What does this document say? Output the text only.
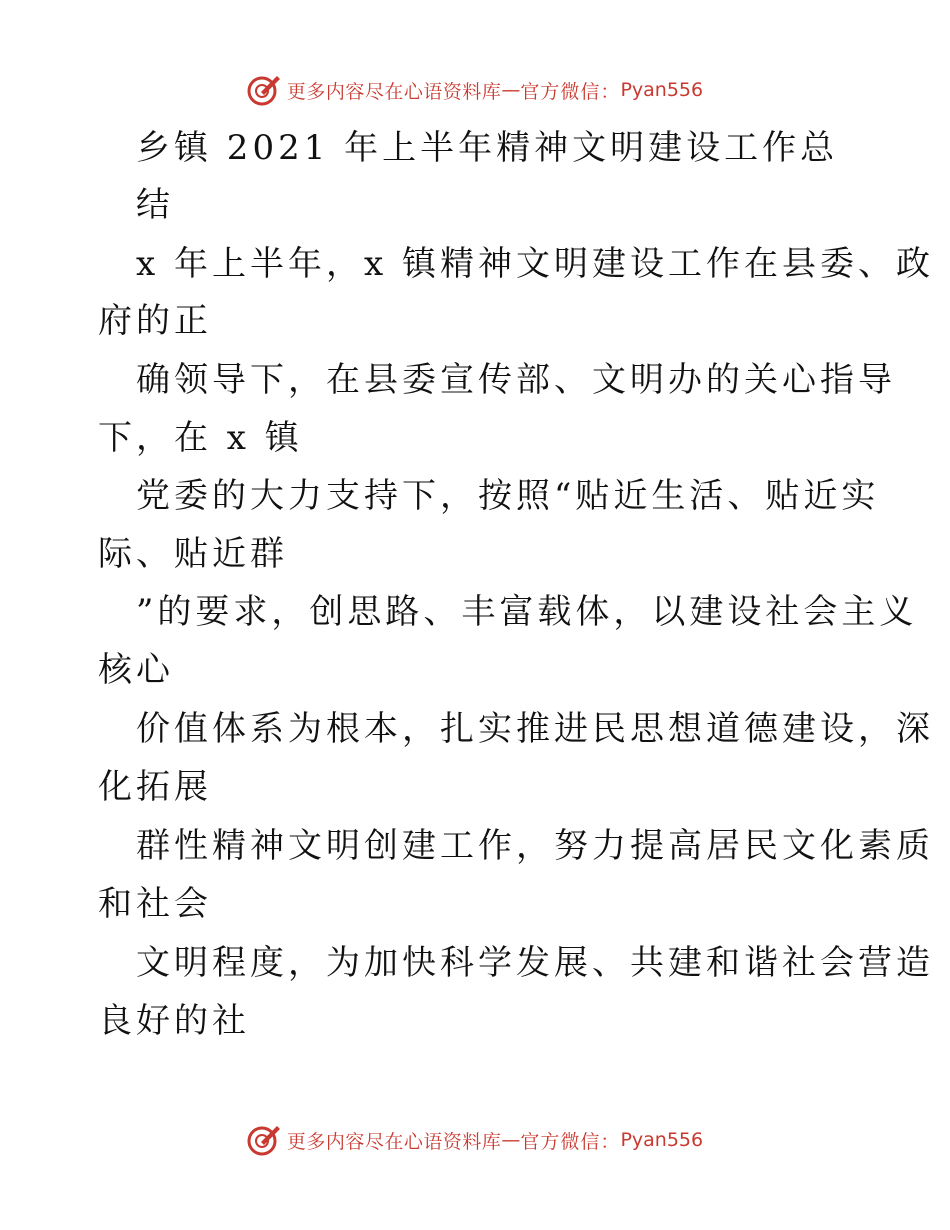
更多内容尽在心语资料库 — 官方微信： Pyan556
乡镇 2021 年上半年精神文明建设工作总
结
x 年上半年，x 镇精神文明建设工作在县委、政
府的正
确领导下，在县委宣传部、文明办的关心指导
下，在 x 镇
党委的大力支持下，按照“贴近生活、贴近实
际、贴近群
”的要求，创思路、丰富载体，以建设社会主义
核心
价值体系为根本，扎实推进民思想道德建设，深
化拓展
群性精神文明创建工作，努力提高居民文化素质
和社会
文明程度，为加快科学发展、共建和谐社会营造
良好的社
更多内容尽在心语资料库 — 官方微信： Pyan556
